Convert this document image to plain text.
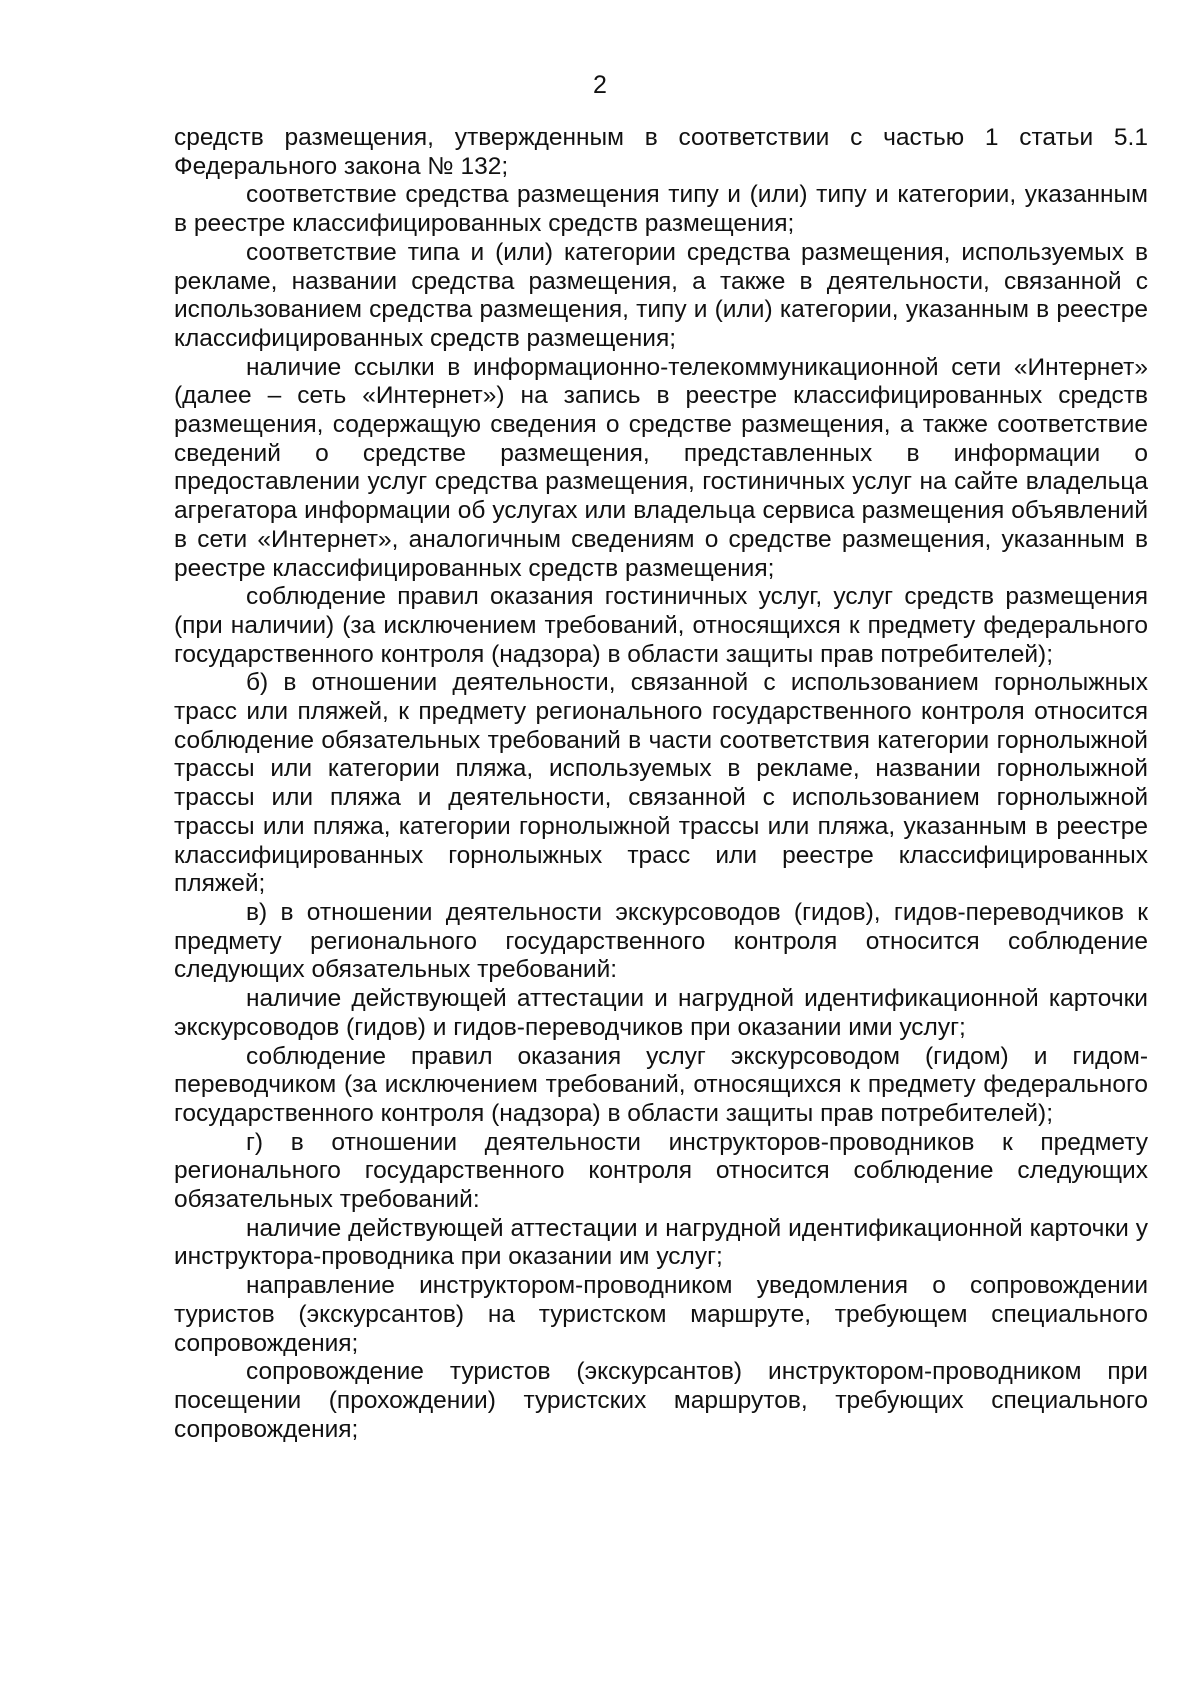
2

средств размещения, утвержденным в соответствии с частью 1 статьи 5.1 Федерального закона № 132;

соответствие средства размещения типу и (или) типу и категории, указанным в реестре классифицированных средств размещения;

соответствие типа и (или) категории средства размещения, используемых в рекламе, названии средства размещения, а также в деятельности, связанной с использованием средства размещения, типу и (или) категории, указанным в реестре классифицированных средств размещения;

наличие ссылки в информационно-телекоммуникационной сети «Интернет» (далее – сеть «Интернет») на запись в реестре классифицированных средств размещения, содержащую сведения о средстве размещения, а также соответствие сведений о средстве размещения, представленных в информации о предоставлении услуг средства размещения, гостиничных услуг на сайте владельца агрегатора информации об услугах или владельца сервиса размещения объявлений в сети «Интернет», аналогичным сведениям о средстве размещения, указанным в реестре классифицированных средств размещения;

соблюдение правил оказания гостиничных услуг, услуг средств размещения (при наличии) (за исключением требований, относящихся к предмету федерального государственного контроля (надзора) в области защиты прав потребителей);

б) в отношении деятельности, связанной с использованием горнолыжных трасс или пляжей, к предмету регионального государственного контроля относится соблюдение обязательных требований в части соответствия категории горнолыжной трассы или категории пляжа, используемых в рекламе, названии горнолыжной трассы или пляжа и деятельности, связанной с использованием горнолыжной трассы или пляжа, категории горнолыжной трассы или пляжа, указанным в реестре классифицированных горнолыжных трасс или реестре классифицированных пляжей;

в) в отношении деятельности экскурсоводов (гидов), гидов-переводчиков к предмету регионального государственного контроля относится соблюдение следующих обязательных требований:

наличие действующей аттестации и нагрудной идентификационной карточки экскурсоводов (гидов) и гидов-переводчиков при оказании ими услуг;

соблюдение правил оказания услуг экскурсоводом (гидом) и гидом-переводчиком (за исключением требований, относящихся к предмету федерального государственного контроля (надзора) в области защиты прав потребителей);

г) в отношении деятельности инструкторов-проводников к предмету регионального государственного контроля относится соблюдение следующих обязательных требований:

наличие действующей аттестации и нагрудной идентификационной карточки у инструктора-проводника при оказании им услуг;

направление инструктором-проводником уведомления о сопровождении туристов (экскурсантов) на туристском маршруте, требующем специального сопровождения;

сопровождение туристов (экскурсантов) инструктором-проводником при посещении (прохождении) туристских маршрутов, требующих специального сопровождения;
